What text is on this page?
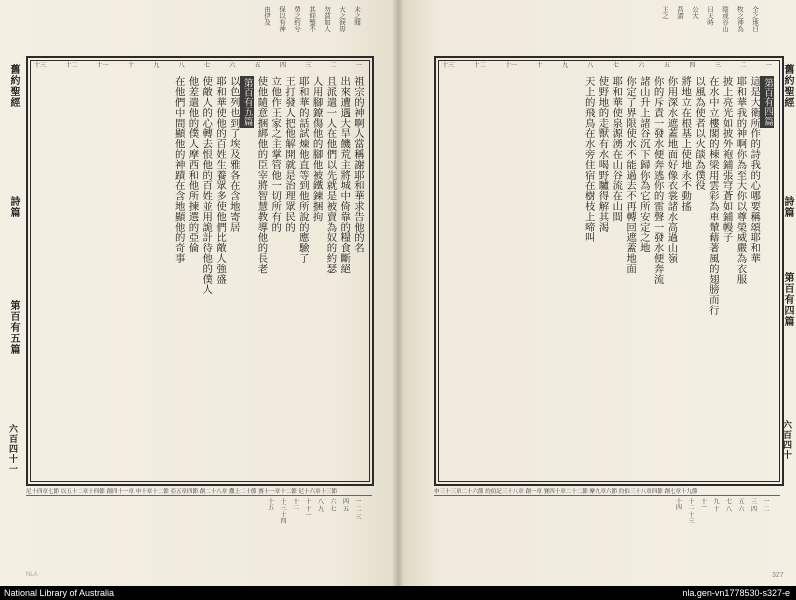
未之聞
大之淚毋
勿貧如人
其仰鑒不
勞之約兮
保以有神
由伊及
舊約聖經
詩篇
第百有五篇
六百四十一
一
二
三
四
五
六
七
八
九
十
十一
十二
十三
祖宗的神啊人當稱謝耶和華求告他的名
出來遭遇大旱饑荒主將城中倚靠的糧食斷絕
且派遣一人在他們以先就是被賣為奴的約瑟
人用腳鐐傷他的腳他被鐵鍊捆拘
耶和華的話試煉他直等到他所說的應驗了
王打發人把他解開就是治理眾民的
立他作王家之主掌管他一切所有的
使他隨意捆綁他的臣宰將智慧教導他的長老
第百有五篇
以色列也到了埃及雅各在含地寄居
耶和華使他的百姓生養眾多使他們比敵人強盛
使敵人的心轉去恨他的百姓並用詭計待他的僕人
他差遣他的僕人摩西和他所揀選的亞倫
在他們中間顯他的神蹟在含地顯他的奇事
尼十四章七節 以五十二章十四節 創四十一章 申十章十二節 亞五章四節 創二十八章 撒上二十節 賽十一章十二節 尼十六章十三節
一 二 三
四 五
六 七
八 九
十 十一
十二
十三 十四
十五
NLA
全之地日
牧之神為
陰或谷山
日天時
公大
吾謂
主之
舊約聖經
詩篇
第百有四篇
六百四十
一
二
三
四
五
六
七
八
九
十
十一
十二
十三
第百有四篇
這是大衛所作的詩我的心哪要稱頌耶和華
耶和華我的神啊你為至大你以尊榮威嚴為衣服
披上亮光如披外袍鋪張穹蒼如鋪幔子
在水中立樓閣的棟梁用雲彩為車輦藉著風的翅膀而行
以風為使者以火燄為僕役
將地立在根基上使地永不動搖
你用深水遮蓋地面好像衣裳諸水高過山嶺
你的斥責一發水便奔逃你的雷聲一發水便奔流
諸山升上諸谷沉下歸你為它所安定之地
你定了界限使水不能過去不再轉回遮蓋地面
耶和華使泉源湧在山谷流在山間
使野地的走獸有水喝野驢得解其渴
天上的飛鳥在水旁住宿在樹枝上啼叫
申三十三章二十六節 約伯記三十八章 創一章 賽四十章二十二節 摩九章六節 約伯三十八章四節 創七章十九節
一 二
三 四
五 六
七 八
九 十
十一
十二 十三
十四
327
National Library of Australia	nla.gen-vn1778530-s327-e
